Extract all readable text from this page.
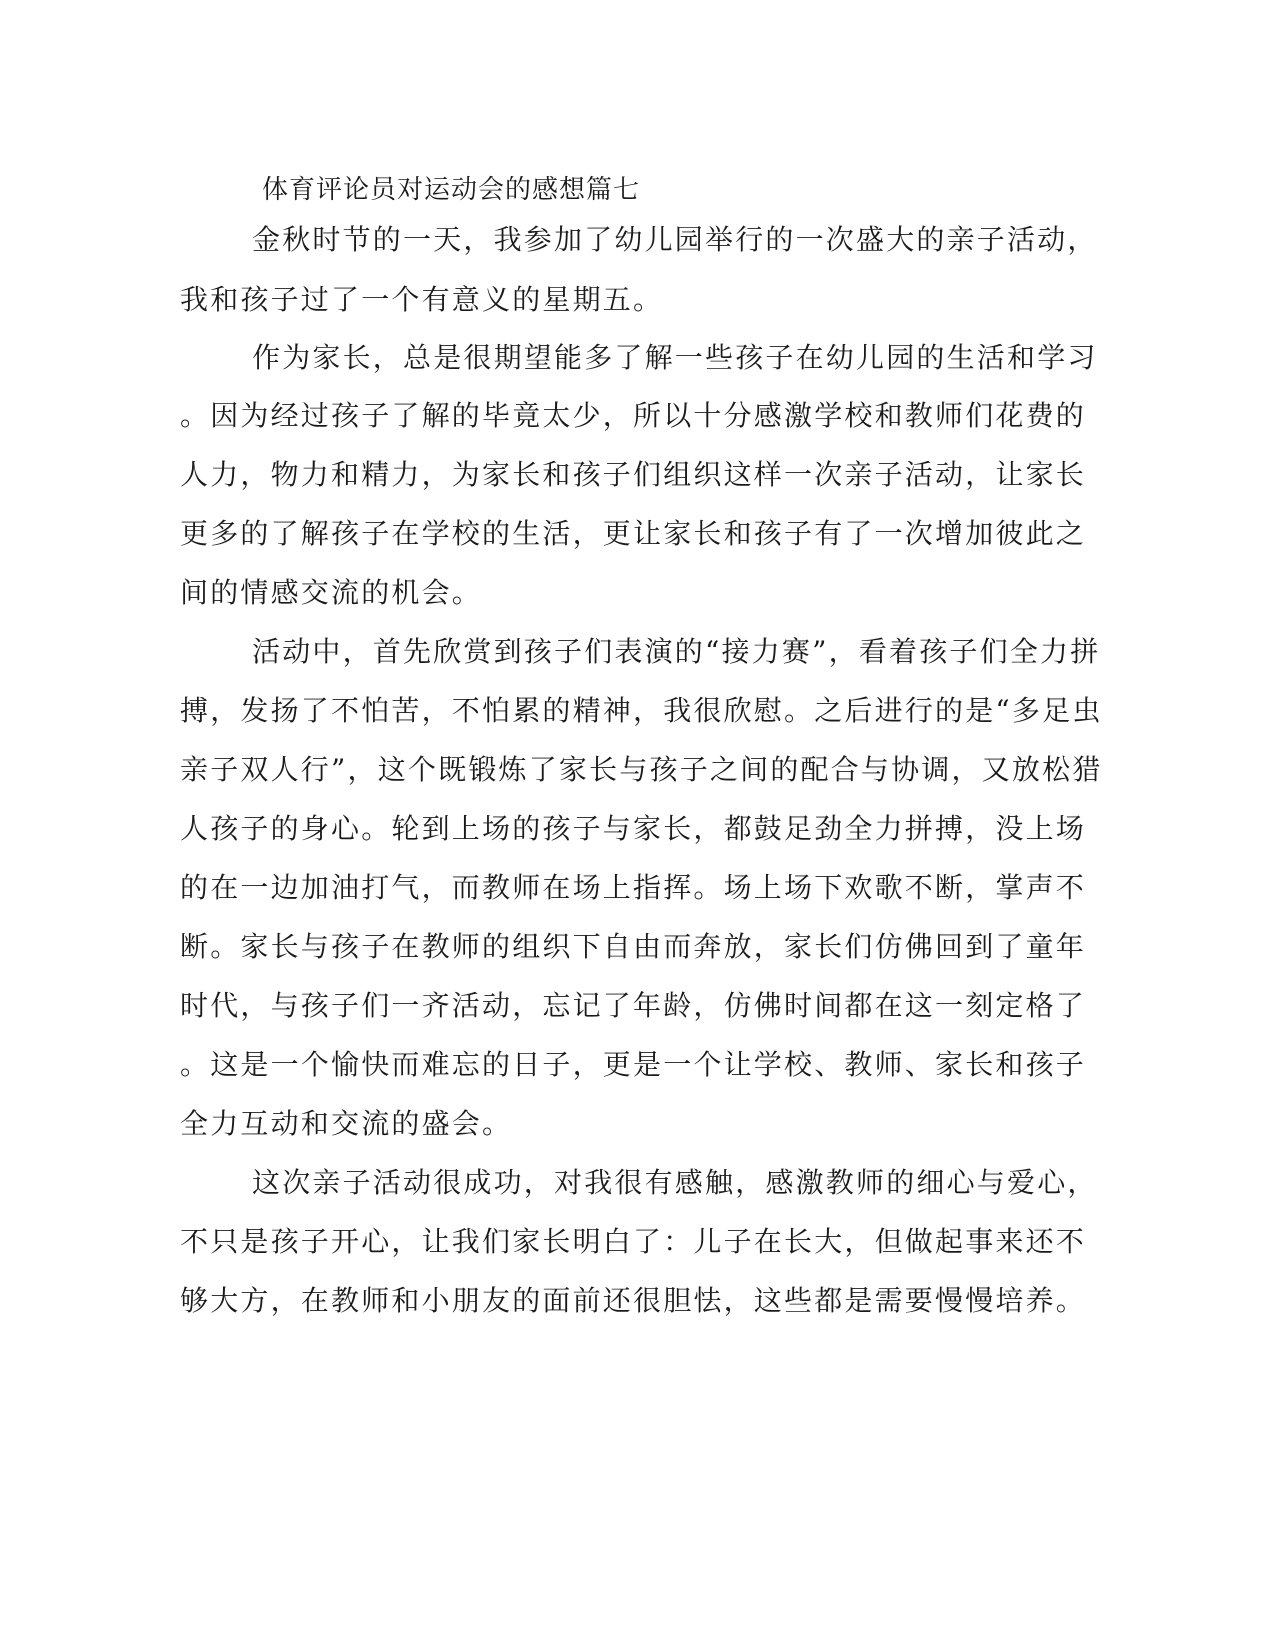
体育评论员对运动会的感想篇七
金秋时节的一天，我参加了幼儿园举行的一次盛大的亲子活动，
我和孩子过了一个有意义的星期五。
作为家长，总是很期望能多了解一些孩子在幼儿园的生活和学习
。因为经过孩子了解的毕竟太少，所以十分感激学校和教师们花费的
人力，物力和精力，为家长和孩子们组织这样一次亲子活动，让家长
更多的了解孩子在学校的生活，更让家长和孩子有了一次增加彼此之
间的情感交流的机会。
活动中，首先欣赏到孩子们表演的“接力赛”，看着孩子们全力拼
搏，发扬了不怕苦，不怕累的精神，我很欣慰。之后进行的是“多足虫
亲子双人行”，这个既锻炼了家长与孩子之间的配合与协调，又放松猎
人孩子的身心。轮到上场的孩子与家长，都鼓足劲全力拼搏，没上场
的在一边加油打气，而教师在场上指挥。场上场下欢歌不断，掌声不
断。家长与孩子在教师的组织下自由而奔放，家长们仿佛回到了童年
时代，与孩子们一齐活动，忘记了年龄，仿佛时间都在这一刻定格了
。这是一个愉快而难忘的日子，更是一个让学校、教师、家长和孩子
全力互动和交流的盛会。
这次亲子活动很成功，对我很有感触，感激教师的细心与爱心，
不只是孩子开心，让我们家长明白了：儿子在长大，但做起事来还不
够大方，在教师和小朋友的面前还很胆怯，这些都是需要慢慢培养。
